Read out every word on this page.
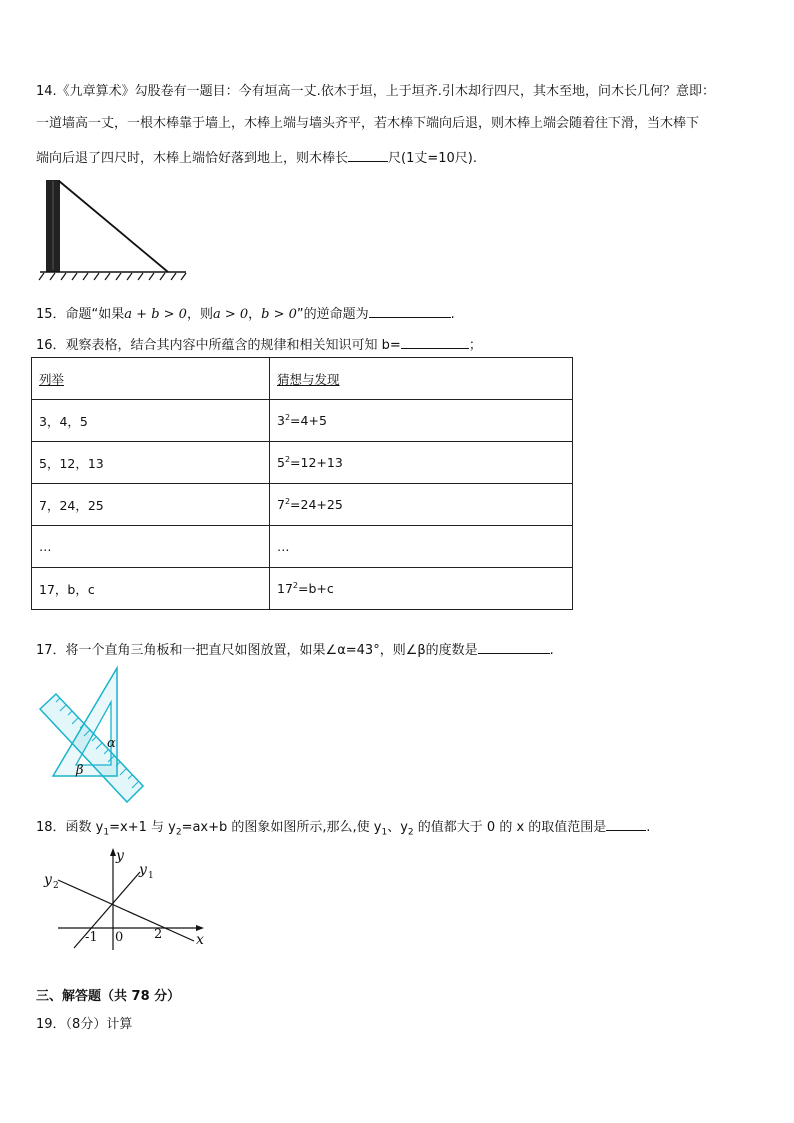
14.《九章算术》勾股卷有一题目：今有垣高一丈.依木于垣，上于垣齐.引木却行四尺，其木至地，问木长几何？意即：
一道墙高一丈，一根木棒靠于墙上，木棒上端与墙头齐平，若木棒下端向后退，则木棒上端会随着往下滑，当木棒下
端向后退了四尺时，木棒上端恰好落到地上，则木棒长	尺(1丈=10尺).
15．命题“如果a + b > 0，则a > 0，b > 0”的逆命题为	.
16．观察表格，结合其内容中所蕴含的规律和相关知识可知 b=	；
列举	猜想与发现
3，4，5	$3^2=4+5$
5，12，13	$5^2=12+13$
7，24，25	$7^2=24+25$
…	…
17，b，c	$17^2=b+c$
17．将一个直角三角板和一把直尺如图放置，如果∠α=43°，则∠β的度数是	.
α
β
18．函数 $y_1=x+1$ 与 $y_2=ax+b$ 的图象如图所示,那么,使 $y_1$、$y_2$ 的值都大于 0 的 x 的取值范围是	.
y
x
y 1
y 2
-1 0 2
三、解答题（共 78 分）
19．（8分）计算
